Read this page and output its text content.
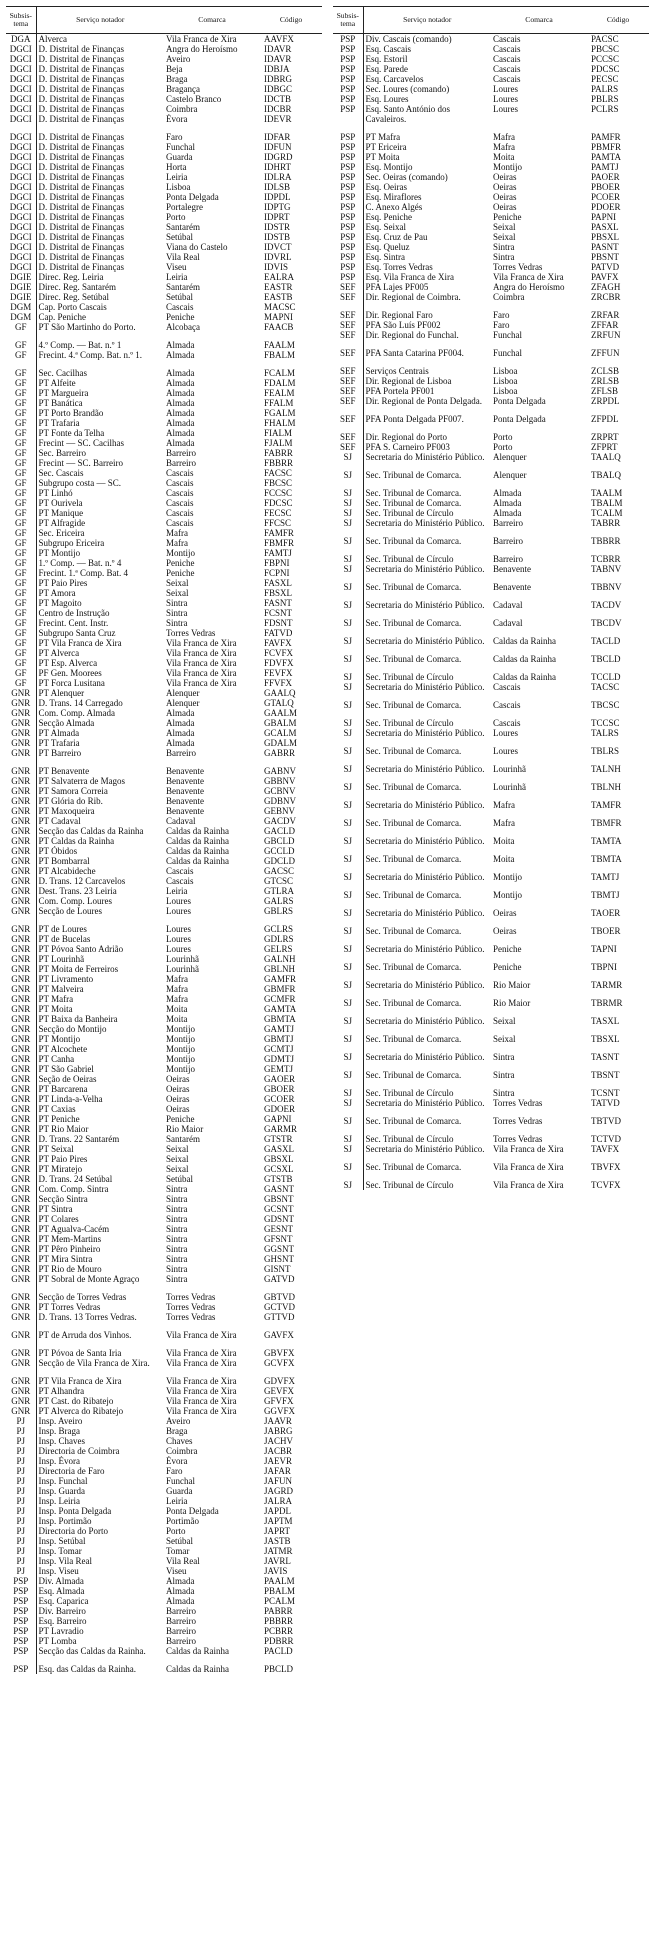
Subsis-
tema	Serviço notador	Comarca	Código
DGA	Alverca	Vila Franca de Xira	AAVFX
DGCI	D. Distrital de Finanças	Angra do Heroísmo	IDAVR
DGCI	D. Distrital de Finanças	Aveiro	IDAVR
DGCI	D. Distrital de Finanças	Beja	IDBJA
DGCI	D. Distrital de Finanças	Braga	IDBRG
DGCI	D. Distrital de Finanças	Bragança	IDBGC
DGCI	D. Distrital de Finanças	Castelo Branco	IDCTB
DGCI	D. Distrital de Finanças	Coimbra	IDCBR
DGCI	D. Distrital de Finanças	Évora	IDEVR
DGCI	D. Distrital de Finanças	Faro	IDFAR
DGCI	D. Distrital de Finanças	Funchal	IDFUN
DGCI	D. Distrital de Finanças	Guarda	IDGRD
DGCI	D. Distrital de Finanças	Horta	IDHRT
DGCI	D. Distrital de Finanças	Leiria	IDLRA
DGCI	D. Distrital de Finanças	Lisboa	IDLSB
DGCI	D. Distrital de Finanças	Ponta Delgada	IDPDL
DGCI	D. Distrital de Finanças	Portalegre	IDPTG
DGCI	D. Distrital de Finanças	Porto	IDPRT
DGCI	D. Distrital de Finanças	Santarém	IDSTR
DGCI	D. Distrital de Finanças	Setúbal	IDSTB
DGCI	D. Distrital de Finanças	Viana do Castelo	IDVCT
DGCI	D. Distrital de Finanças	Vila Real	IDVRL
DGCI	D. Distrital de Finanças	Viseu	IDVIS
DGIE	Direc. Reg. Leiria	Leiria	EALRA
DGIE	Direc. Reg. Santarém	Santarém	EASTR
DGIE	Direc. Reg. Setúbal	Setúbal	EASTB
DGM	Cap. Porto Cascais	Cascais	MACSC
DGM	Cap. Peniche	Peniche	MAPNI
GF	PT São Martinho do Porto.	Alcobaça	FAACB
GF	4.º Comp. — Bat. n.º 1	Almada	FAALM
GF	Frecint. 4.ª Comp. Bat. n.º 1.	Almada	FBALM
GF	Sec. Cacilhas	Almada	FCALM
GF	PT Alfeite	Almada	FDALM
GF	PT Margueira	Almada	FEALM
GF	PT Banática	Almada	FFALM
GF	PT Porto Brandão	Almada	FGALM
GF	PT Trafaria	Almada	FHALM
GF	PT Fonte da Telha	Almada	FIALM
GF	Frecint — SC. Cacilhas	Almada	FJALM
GF	Sec. Barreiro	Barreiro	FABRR
GF	Frecint — SC. Barreiro	Barreiro	FBBRR
GF	Sec. Cascais	Cascais	FACSC
GF	Subgrupo costa — SC.	Cascais	FBCSC
GF	PT Linhó	Cascais	FCCSC
GF	PT Ourivela	Cascais	FDCSC
GF	PT Manique	Cascais	FECSC
GF	PT Alfragide	Cascais	FFCSC
GF	Sec. Ericeira	Mafra	FAMFR
GF	Subgrupo Ericeira	Mafra	FBMFR
GF	PT Montijo	Montijo	FAMTJ
GF	1.º Comp. — Bat. n.º 4	Peniche	FBPNI
GF	Frecint. 1.ª Comp. Bat. 4	Peniche	FCPNI
GF	PT Paio Pires	Seixal	FASXL
GF	PT Amora	Seixal	FBSXL
GF	PT Magoito	Sintra	FASNT
GF	Centro de Instrução	Sintra	FCSNT
GF	Frecint. Cent. Instr.	Sintra	FDSNT
GF	Subgrupo Santa Cruz	Torres Vedras	FATVD
GF	PT Vila Franca de Xira	Vila Franca de Xira	FAVFX
GF	PT Alverca	Vila Franca de Xira	FCVFX
GF	PT Esp. Alverca	Vila Franca de Xira	FDVFX
GF	PF Gen. Moorees	Vila Franca de Xira	FEVFX
GF	PT Forca Lusitana	Vila Franca de Xira	FFVFX
GNR	PT Alenquer	Alenquer	GAALQ
GNR	D. Trans. 14 Carregado	Alenquer	GTALQ
GNR	Com. Comp. Almada	Almada	GAALM
GNR	Secção Almada	Almada	GBALM
GNR	PT Almada	Almada	GCALM
GNR	PT Trafaria	Almada	GDALM
GNR	PT Barreiro	Barreiro	GABRR
GNR	PT Benavente	Benavente	GABNV
GNR	PT Salvaterra de Magos	Benavente	GBBNV
GNR	PT Samora Correia	Benavente	GCBNV
GNR	PT Glória do Rib.	Benavente	GDBNV
GNR	PT Maxoqueira	Benavente	GEBNV
GNR	PT Cadaval	Cadaval	GACDV
GNR	Secção das Caldas da Rainha	Caldas da Rainha	GACLD
GNR	PT Caldas da Rainha	Caldas da Rainha	GBCLD
GNR	PT Óbidos	Caldas da Rainha	GCCLD
GNR	PT Bombarral	Caldas da Rainha	GDCLD
GNR	PT Alcabideche	Cascais	GACSC
GNR	D. Trans. 12 Carcavelos	Cascais	GTCSC
GNR	Dest. Trans. 23 Leiria	Leiria	GTLRA
GNR	Com. Comp. Loures	Loures	GALRS
GNR	Secção de Loures	Loures	GBLRS
GNR	PT de Loures	Loures	GCLRS
GNR	PT de Bucelas	Loures	GDLRS
GNR	PT Póvoa Santo Adrião	Loures	GELRS
GNR	PT Lourinhã	Lourinhã	GALNH
GNR	PT Moita de Ferreiros	Lourinhã	GBLNH
GNR	PT Livramento	Mafra	GAMFR
GNR	PT Malveira	Mafra	GBMFR
GNR	PT Mafra	Mafra	GCMFR
GNR	PT Moita	Moita	GAMTA
GNR	PT Baixa da Banheira	Moita	GBMTA
GNR	Secção do Montijo	Montijo	GAMTJ
GNR	PT Montijo	Montijo	GBMTJ
GNR	PT Alcochete	Montijo	GCMTJ
GNR	PT Canha	Montijo	GDMTJ
GNR	PT São Gabriel	Montijo	GEMTJ
GNR	Seção de Oeiras	Oeiras	GAOER
GNR	PT Barcarena	Oeiras	GBOER
GNR	PT Linda-a-Velha	Oeiras	GCOER
GNR	PT Caxias	Oeiras	GDOER
GNR	PT Peniche	Peniche	GAPNI
GNR	PT Rio Maior	Rio Maior	GARMR
GNR	D. Trans. 22 Santarém	Santarém	GTSTR
GNR	PT Seixal	Seixal	GASXL
GNR	PT Paio Pires	Seixal	GBSXL
GNR	PT Miratejo	Seixal	GCSXL
GNR	D. Trans. 24 Setúbal	Setúbal	GTSTB
GNR	Com. Comp. Sintra	Sintra	GASNT
GNR	Secção Sintra	Sintra	GBSNT
GNR	PT Sintra	Sintra	GCSNT
GNR	PT Colares	Sintra	GDSNT
GNR	PT Agualva-Cacém	Sintra	GESNT
GNR	PT Mem-Martins	Sintra	GFSNT
GNR	PT Pêro Pinheiro	Sintra	GGSNT
GNR	PT Mira Sintra	Sintra	GHSNT
GNR	PT Rio de Mouro	Sintra	GISNT
GNR	PT Sobral de Monte Agraço	Sintra	GATVD
GNR	Secção de Torres Vedras	Torres Vedras	GBTVD
GNR	PT Torres Vedras	Torres Vedras	GCTVD
GNR	D. Trans. 13 Torres Vedras.	Torres Vedras	GTTVD
GNR	PT de Arruda dos Vinhos.	Vila Franca de Xira	GAVFX
GNR	PT Póvoa de Santa Iria	Vila Franca de Xira	GBVFX
GNR	Secção de Vila Franca de Xira.	Vila Franca de Xira	GCVFX
GNR	PT Vila Franca de Xira	Vila Franca de Xira	GDVFX
GNR	PT Alhandra	Vila Franca de Xira	GEVFX
GNR	PT Cast. do Ribatejo	Vila Franca de Xira	GFVFX
GNR	PT Alverca do Ribatejo	Vila Franca de Xira	GGVFX
PJ	Insp. Aveiro	Aveiro	JAAVR
PJ	Insp. Braga	Braga	JABRG
PJ	Insp. Chaves	Chaves	JACHV
PJ	Directoria de Coimbra	Coimbra	JACBR
PJ	Insp. Évora	Évora	JAEVR
PJ	Directoria de Faro	Faro	JAFAR
PJ	Insp. Funchal	Funchal	JAFUN
PJ	Insp. Guarda	Guarda	JAGRD
PJ	Insp. Leiria	Leiria	JALRA
PJ	Insp. Ponta Delgada	Ponta Delgada	JAPDL
PJ	Insp. Portimão	Portimão	JAPTM
PJ	Directoria do Porto	Porto	JAPRT
PJ	Insp. Setúbal	Setúbal	JASTB
PJ	Insp. Tomar	Tomar	JATMR
PJ	Insp. Vila Real	Vila Real	JAVRL
PJ	Insp. Viseu	Viseu	JAVIS
PSP	Div. Almada	Almada	PAALM
PSP	Esq. Almada	Almada	PBALM
PSP	Esq. Caparica	Almada	PCALM
PSP	Div. Barreiro	Barreiro	PABRR
PSP	Esq. Barreiro	Barreiro	PBBRR
PSP	PT Lavradio	Barreiro	PCBRR
PSP	PT Lomba	Barreiro	PDBRR
PSP	Secção das Caldas da Rainha.	Caldas da Rainha	PACLD
PSP	Esq. das Caldas da Rainha.	Caldas da Rainha	PBCLD
Subsis-
tema	Serviço notador	Comarca	Código
PSP	Div. Cascais (comando)	Cascais	PACSC
PSP	Esq. Cascais	Cascais	PBCSC
PSP	Esq. Estoril	Cascais	PCCSC
PSP	Esq. Parede	Cascais	PDCSC
PSP	Esq. Carcavelos	Cascais	PECSC
PSP	Sec. Loures (comando)	Loures	PALRS
PSP	Esq. Loures	Loures	PBLRS
PSP	Esq. Santo António dos Cavaleiros.	Loures	PCLRS
PSP	PT Mafra	Mafra	PAMFR
PSP	PT Ericeira	Mafra	PBMFR
PSP	PT Moita	Moita	PAMTA
PSP	Esq. Montijo	Montijo	PAMTJ
PSP	Sec. Oeiras (comando)	Oeiras	PAOER
PSP	Esq. Oeiras	Oeiras	PBOER
PSP	Esq. Miraflores	Oeiras	PCOER
PSP	C. Anexo Algés	Oeiras	PDOER
PSP	Esq. Peniche	Peniche	PAPNI
PSP	Esq. Seixal	Seixal	PASXL
PSP	Esq. Cruz de Pau	Seixal	PBSXL
PSP	Esq. Queluz	Sintra	PASNT
PSP	Esq. Sintra	Sintra	PBSNT
PSP	Esq. Torres Vedras	Torres Vedras	PATVD
PSP	Esq. Vila Franca de Xira	Vila Franca de Xira	PAVFX
SEF	PFA Lajes PF005	Angra do Heroísmo	ZFAGH
SEF	Dir. Regional de Coimbra.	Coimbra	ZRCBR
SEF	Dir. Regional Faro	Faro	ZRFAR
SEF	PFA São Luís PF002	Faro	ZFFAR
SEF	Dir. Regional do Funchal.	Funchal	ZRFUN
SEF	PFA Santa Catarina PF004.	Funchal	ZFFUN
SEF	Serviços Centrais	Lisboa	ZCLSB
SEF	Dir. Regional de Lisboa	Lisboa	ZRLSB
SEF	PFA Portela PF001	Lisboa	ZFLSB
SEF	Dir. Regional de Ponta Delgada.	Ponta Delgada	ZRPDL
SEF	PFA Ponta Delgada PF007.	Ponta Delgada	ZFPDL
SEF	Dir. Regional do Porto	Porto	ZRPRT
SEF	PFA S. Carneiro PF003	Porto	ZFPRT
SJ	Secretaria do Ministério Público.	Alenquer	TAALQ
SJ	Sec. Tribunal de Comarca.	Alenquer	TBALQ
SJ	Sec. Tribunal de Comarca.	Almada	TAALM
SJ	Sec. Tribunal de Comarca.	Almada	TBALM
SJ	Sec. Tribunal de Círculo	Almada	TCALM
SJ	Secretaria do Ministério Público.	Barreiro	TABRR
SJ	Sec. Tribunal da Comarca.	Barreiro	TBBRR
SJ	Sec. Tribunal de Círculo	Barreiro	TCBRR
SJ	Secretaria do Ministério Público.	Benavente	TABNV
SJ	Sec. Tribunal de Comarca.	Benavente	TBBNV
SJ	Secretaria do Ministério Público.	Cadaval	TACDV
SJ	Sec. Tribunal de Comarca.	Cadaval	TBCDV
SJ	Secretaria do Ministério Público.	Caldas da Rainha	TACLD
SJ	Sec. Tribunal de Comarca.	Caldas da Rainha	TBCLD
SJ	Sec. Tribunal de Círculo	Caldas da Rainha	TCCLD
SJ	Secretaria do Ministério Público.	Cascais	TACSC
SJ	Sec. Tribunal de Comarca.	Cascais	TBCSC
SJ	Sec. Tribunal de Círculo	Cascais	TCCSC
SJ	Secretaria do Ministério Público.	Loures	TALRS
SJ	Sec. Tribunal de Comarca.	Loures	TBLRS
SJ	Secretaria do Ministério Público.	Lourinhã	TALNH
SJ	Sec. Tribunal de Comarca.	Lourinhã	TBLNH
SJ	Secretaria do Ministério Público.	Mafra	TAMFR
SJ	Sec. Tribunal de Comarca.	Mafra	TBMFR
SJ	Secretaria do Ministério Público.	Moita	TAMTA
SJ	Sec. Tribunal de Comarca.	Moita	TBMTA
SJ	Secretaria do Ministério Público.	Montijo	TAMTJ
SJ	Sec. Tribunal de Comarca.	Montijo	TBMTJ
SJ	Secretaria do Ministério Público.	Oeiras	TAOER
SJ	Sec. Tribunal de Comarca.	Oeiras	TBOER
SJ	Secretaria do Ministério Público.	Peniche	TAPNI
SJ	Sec. Tribunal de Comarca.	Peniche	TBPNI
SJ	Secretaria do Ministério Público.	Rio Maior	TARMR
SJ	Sec. Tribunal de Comarca.	Rio Maior	TBRMR
SJ	Secretaria do Ministério Público.	Seixal	TASXL
SJ	Sec. Tribunal de Comarca.	Seixal	TBSXL
SJ	Secretaria do Ministério Público.	Sintra	TASNT
SJ	Sec. Tribunal de Comarca.	Sintra	TBSNT
SJ	Sec. Tribunal de Círculo	Sintra	TCSNT
SJ	Secretaria do Ministério Público.	Torres Vedras	TATVD
SJ	Sec. Tribunal de Comarca.	Torres Vedras	TBTVD
SJ	Sec. Tribunal de Círculo	Torres Vedras	TCTVD
SJ	Secretaria do Ministério Público.	Vila Franca de Xira	TAVFX
SJ	Sec. Tribunal de Comarca.	Vila Franca de Xira	TBVFX
SJ	Sec. Tribunal de Círculo	Vila Franca de Xira	TCVFX
